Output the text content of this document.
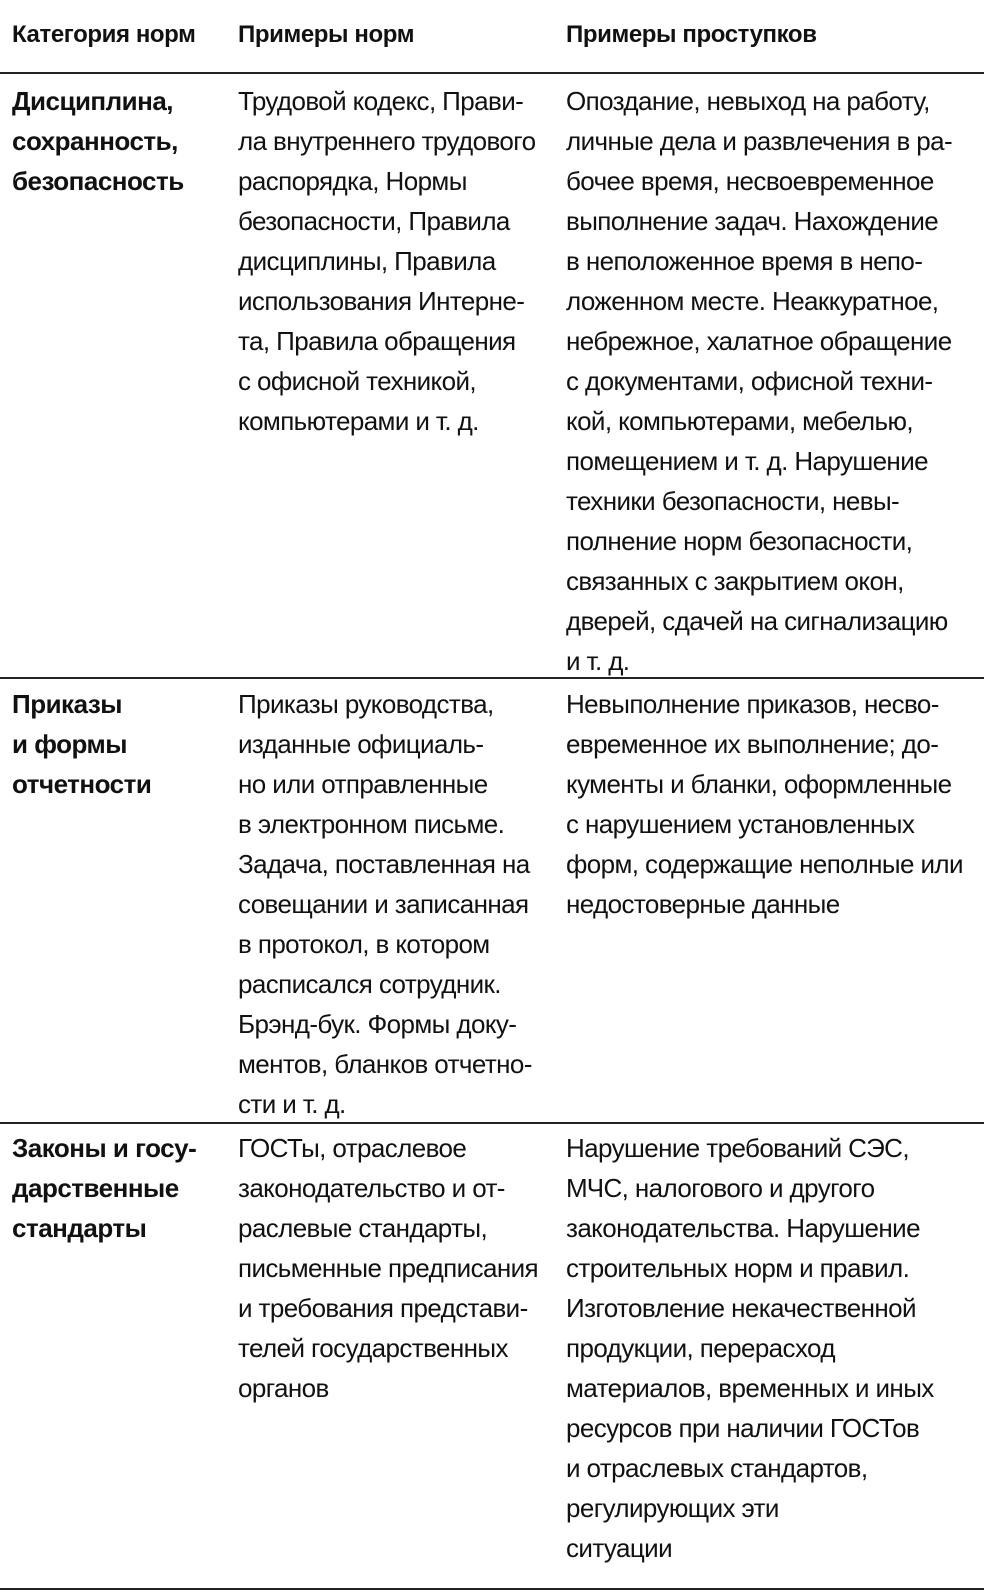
Категория норм Примеры норм	Примеры проступков
Дисциплина,
сохранность,
безопасность
Трудовой кодекс, Прави-
ла внутреннего трудового
распорядка, Нормы
безопасности, Правила
дисциплины, Правила
использования Интерне-
та, Правила обращения
с офисной техникой,
компьютерами и т. д.
Опоздание, невыход на работу,
личные дела и развлечения в ра-
бочее время, несвоевременное
выполнение задач. Нахождение
в неположенное время в непо-
ложенном месте. Неаккуратное,
небрежное, халатное обращение
с документами, офисной техни-
кой, компьютерами, мебелью,
помещением и т. д. Нарушение
техники безопасности, невы-
полнение норм безопасности,
связанных с закрытием окон,
дверей, сдачей на сигнализацию
и т. д.
Приказы
и формы
отчетности
Приказы руководства,
изданные официаль-
но или отправленные
в электронном письме.
Задача, поставленная на
совещании и записанная
в протокол, в котором
расписался сотрудник.
Брэнд-бук. Формы доку-
ментов, бланков отчетно-
сти и т. д.
Невыполнение приказов, несво-
евременное их выполнение; до-
кументы и бланки, оформленные
с нарушением установленных
форм, содержащие неполные или
недостоверные данные
Законы и госу-
дарственные
стандарты
ГОСТы, отраслевое
законодательство и от-
раслевые стандарты,
письменные предписания
и требования представи-
телей государственных
органов
Нарушение требований СЭС,
МЧС, налогового и другого
законодательства. Нарушение
строительных норм и правил.
Изготовление некачественной
продукции, перерасход
материалов, временных и иных
ресурсов при наличии ГОСТов
и отраслевых стандартов,
регулирующих эти
ситуации
